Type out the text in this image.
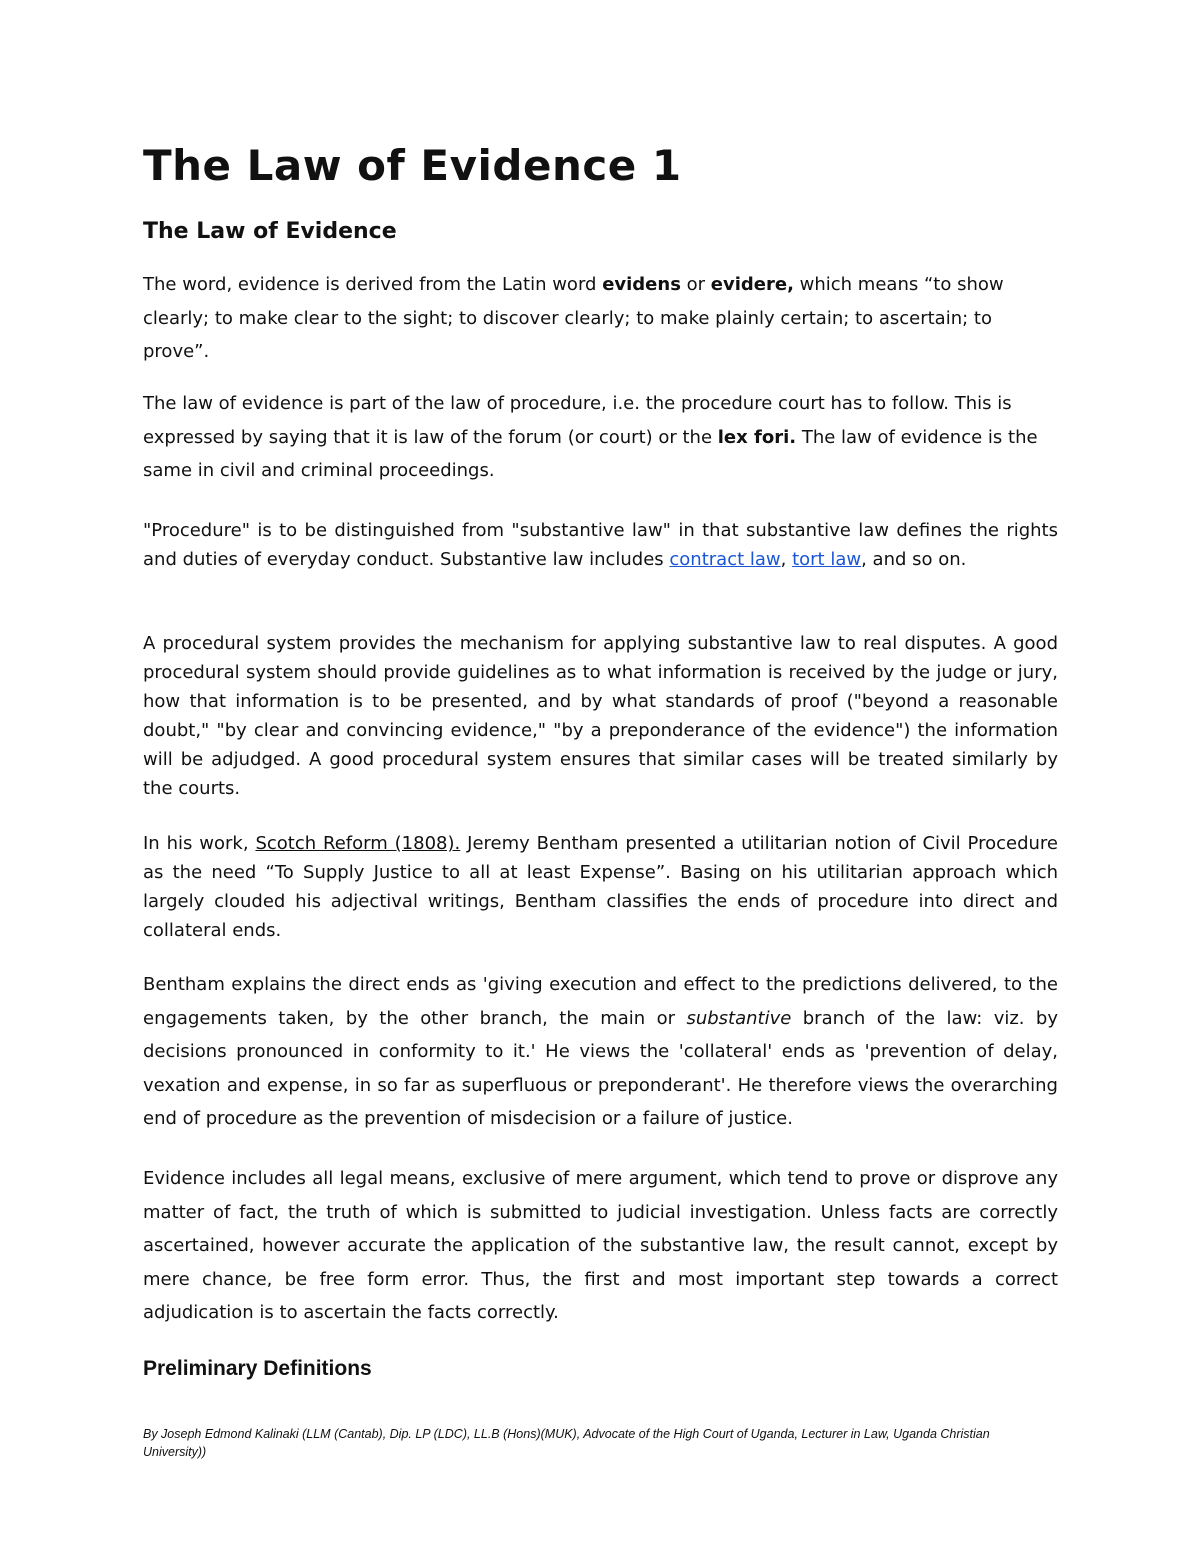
The Law of Evidence 1
The Law of Evidence

The word, evidence is derived from the Latin word evidens or evidere, which means “to show clearly; to make clear to the sight; to discover clearly; to make plainly certain; to ascertain; to prove”.

The law of evidence is part of the law of procedure, i.e. the procedure court has to follow. This is expressed by saying that it is law of the forum (or court) or the lex fori. The law of evidence is the same in civil and criminal proceedings.

"Procedure" is to be distinguished from "substantive law" in that substantive law defines the rights and duties of everyday conduct. Substantive law includes contract law, tort law, and so on.

A procedural system provides the mechanism for applying substantive law to real disputes. A good procedural system should provide guidelines as to what information is received by the judge or jury, how that information is to be presented, and by what standards of proof ("beyond a reasonable doubt," "by clear and convincing evidence," "by a preponderance of the evidence") the information will be adjudged. A good procedural system ensures that similar cases will be treated similarly by the courts.

In his work, Scotch Reform (1808). Jeremy Bentham presented a utilitarian notion of Civil Procedure as the need “To Supply Justice to all at least Expense”. Basing on his utilitarian approach which largely clouded his adjectival writings, Bentham classifies the ends of procedure into direct and collateral ends.

Bentham explains the direct ends as 'giving execution and effect to the predictions delivered, to the engagements taken, by the other branch, the main or substantive branch of the law: viz. by decisions pronounced in conformity to it.' He views the 'collateral' ends as 'prevention of delay, vexation and expense, in so far as superfluous or preponderant'. He therefore views the overarching end of procedure as the prevention of misdecision or a failure of justice.

Evidence includes all legal means, exclusive of mere argument, which tend to prove or disprove any matter of fact, the truth of which is submitted to judicial investigation. Unless facts are correctly ascertained, however accurate the application of the substantive law, the result cannot, except by mere chance, be free form error. Thus, the first and most important step towards a correct adjudication is to ascertain the facts correctly.

Preliminary Definitions
By Joseph Edmond Kalinaki (LLM (Cantab), Dip. LP (LDC), LL.B (Hons)(MUK), Advocate of the High Court of Uganda, Lecturer in Law, Uganda Christian University))
